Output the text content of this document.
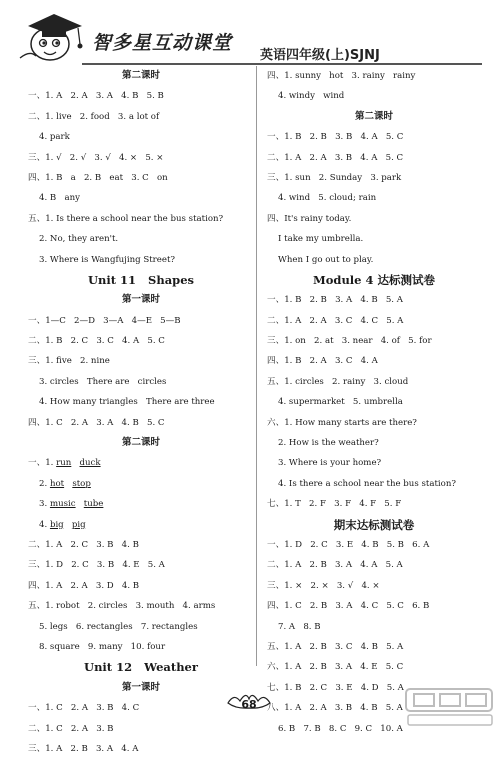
智多星互动课堂
英语四年级(上)SJNJ
第二课时
一、1. A   2. A   3. A   4. B   5. B
二、1. live   2. food   3. a lot of
4. park
三、1. √   2. √   3. √   4. ×   5. ×
四、1. B   a   2. B   eat   3. C   on
4. B   any
五、1. Is there a school near the bus station?
2. No, they aren't.
3. Where is Wangfujing Street?
Unit 11   Shapes
第一课时
一、1—C   2—D   3—A   4—E   5—B
二、1. B   2. C   3. C   4. A   5. C
三、1. five   2. nine
3. circles   There are   circles
4. How many triangles   There are three
四、1. C   2. A   3. A   4. B   5. C
第二课时
一、1. run duck
2. hot stop
3. music tube
4. big pig
二、1. A   2. C   3. B   4. B
三、1. D   2. C   3. B   4. E   5. A
四、1. A   2. A   3. D   4. B
五、1. robot   2. circles   3. mouth   4. arms
5. legs   6. rectangles   7. rectangles
8. square   9. many   10. four
Unit 12   Weather
第一课时
一、1. C   2. A   3. B   4. C
二、1. C   2. A   3. B
三、1. A   2. B   3. A   4. A
四、1. sunny   hot   3. rainy   rainy
4. windy   wind
第二课时
一、1. B   2. B   3. B   4. A   5. C
二、1. A   2. A   3. B   4. A   5. C
三、1. sun   2. Sunday   3. park
4. wind   5. cloud; rain
四、It's rainy today.
I take my umbrella.
When I go out to play.
Module 4 达标测试卷
一、1. B   2. B   3. A   4. B   5. A
二、1. A   2. A   3. C   4. C   5. A
三、1. on   2. at   3. near   4. of   5. for
四、1. B   2. A   3. C   4. A
五、1. circles   2. rainy   3. cloud
4. supermarket   5. umbrella
六、1. How many starts are there?
2. How is the weather?
3. Where is your home?
4. Is there a school near the bus station?
七、1. T   2. F   3. F   4. F   5. F
期末达标测试卷
一、1. D   2. C   3. E   4. B   5. B   6. A
二、1. A   2. B   3. A   4. A   5. A
三、1. ×   2. ×   3. √   4. ×
四、1. C   2. B   3. A   4. C   5. C   6. B
7. A   8. B
五、1. A   2. B   3. C   4. B   5. A
六、1. A   2. B   3. A   4. E   5. C
七、1. B   2. C   3. E   4. D   5. A
八、1. A   2. A   3. B   4. B   5. A
6. B   7. B   8. C   9. C   10. A
$_{68}$
